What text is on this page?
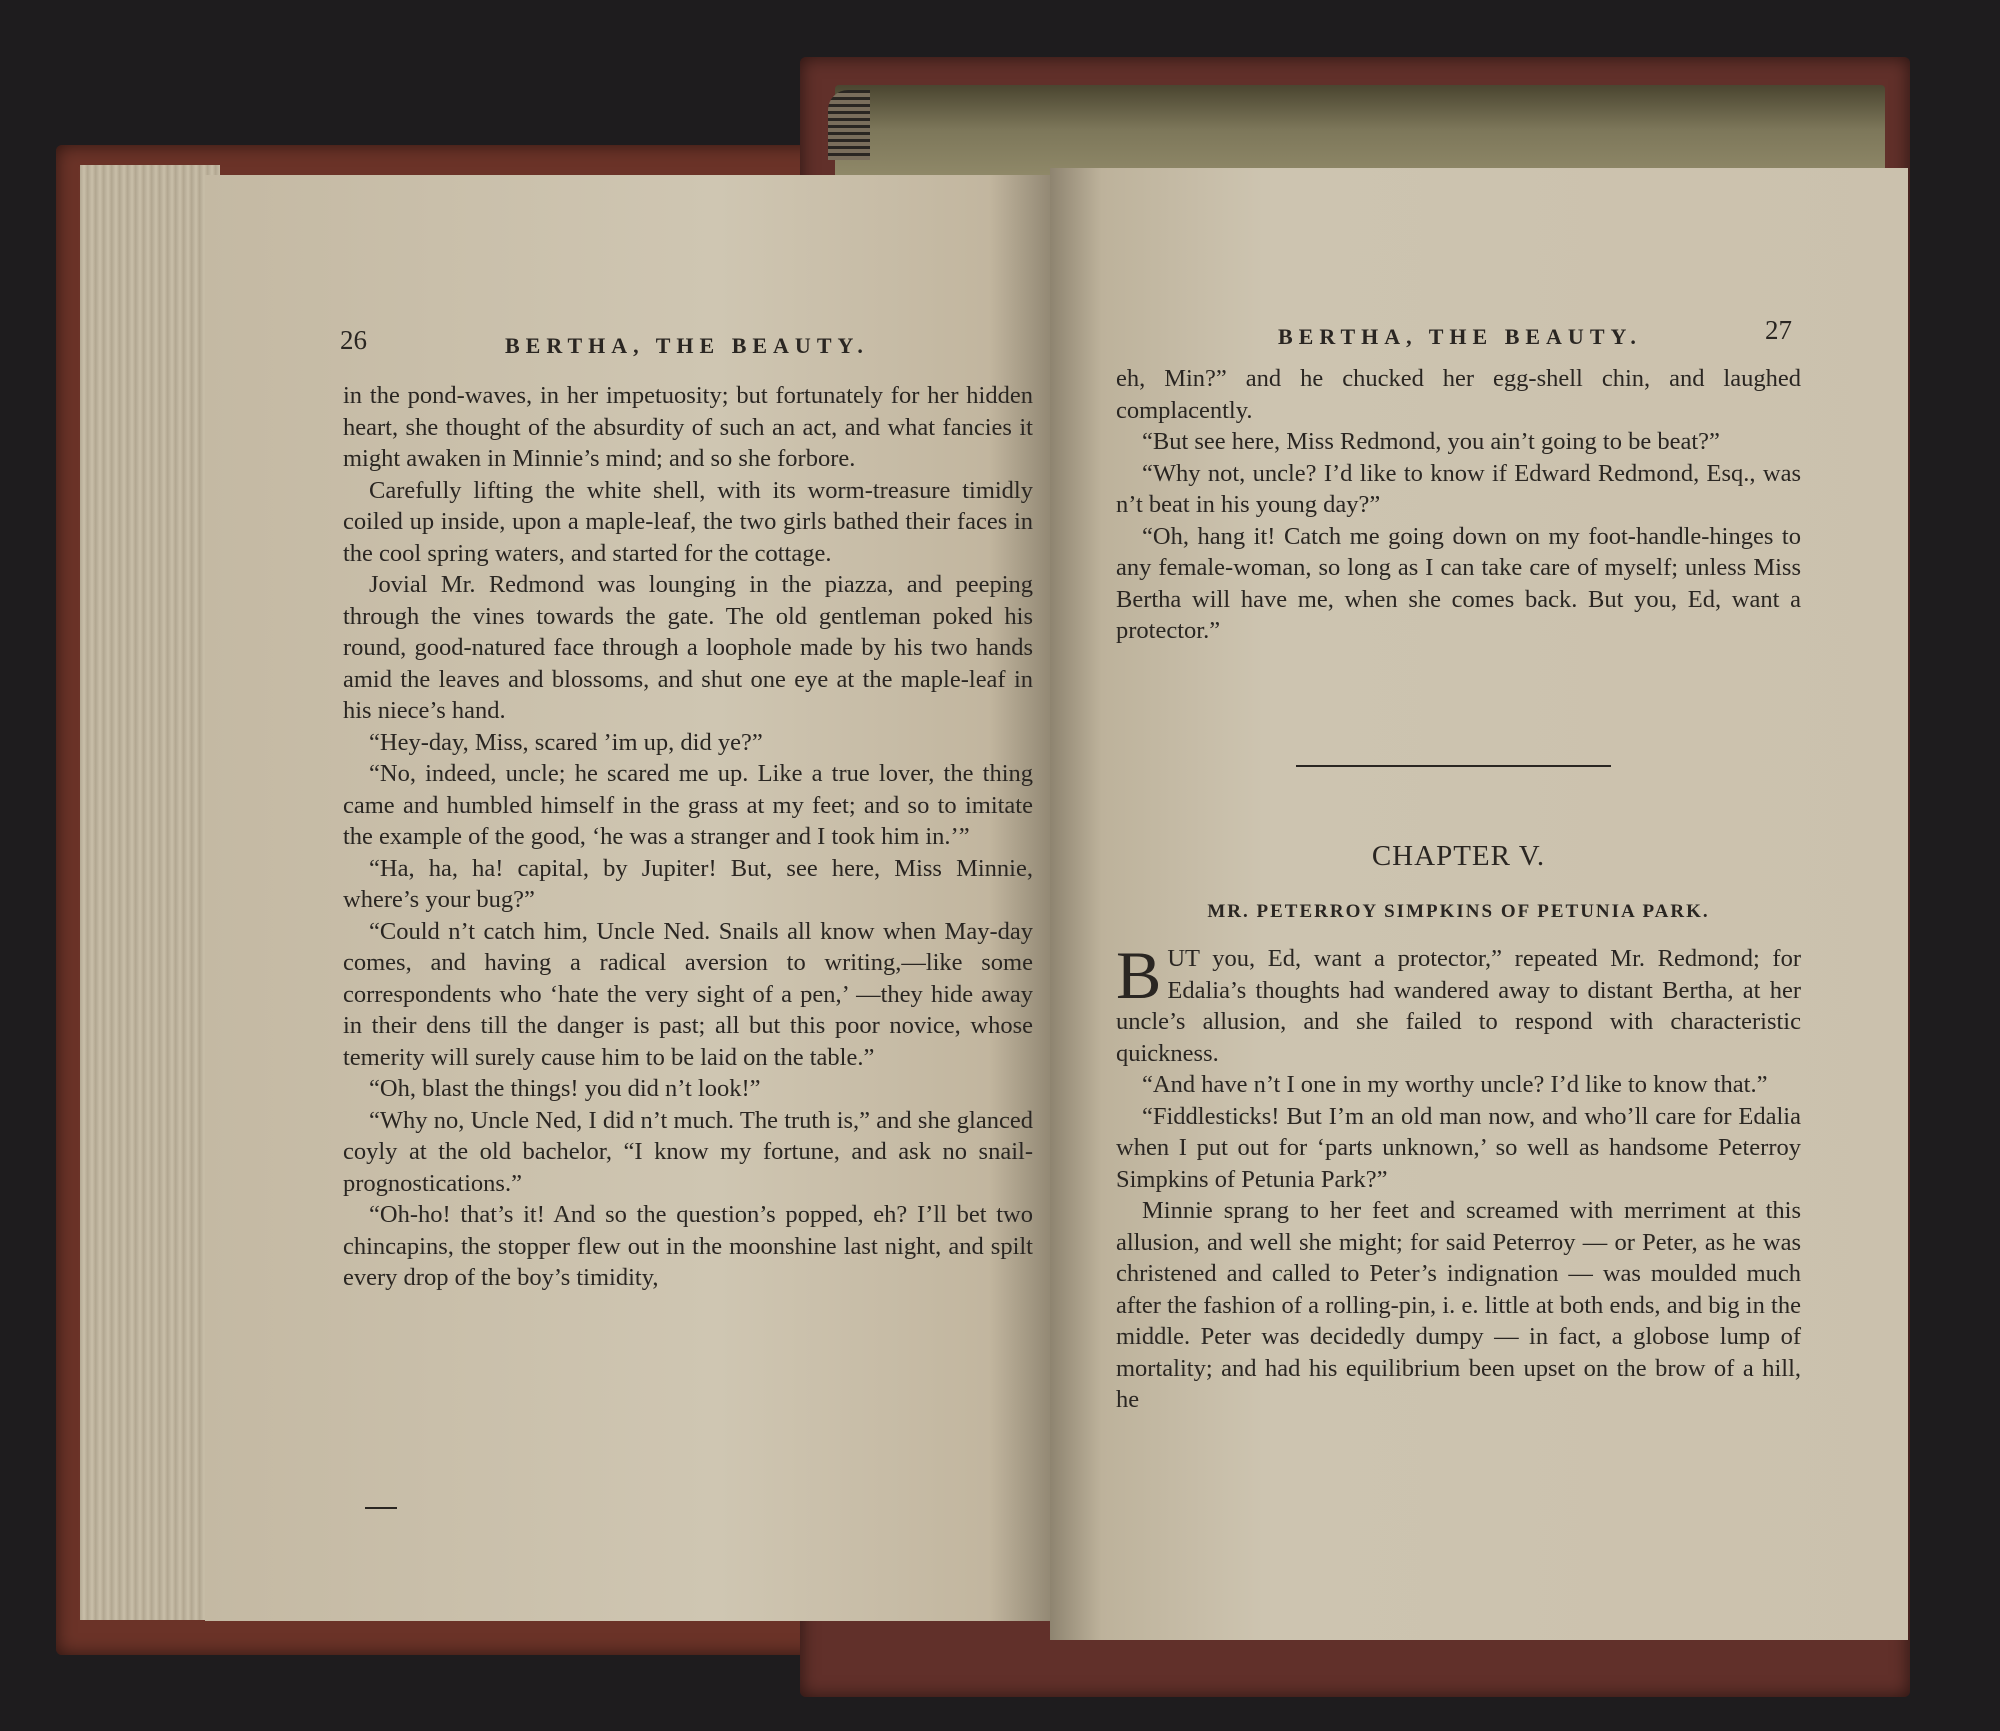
26	BERTHA, THE BEAUTY.

in the pond-waves, in her impetuosity; but fortunately for her hidden heart, she thought of the absurdity of such an act, and what fancies it might awaken in Minnie’s mind; and so she forbore.

Carefully lifting the white shell, with its worm-treasure timidly coiled up inside, upon a maple-leaf, the two girls bathed their faces in the cool spring waters, and started for the cottage.

Jovial Mr. Redmond was lounging in the piazza, and peeping through the vines towards the gate. The old gentleman poked his round, good-natured face through a loophole made by his two hands amid the leaves and blossoms, and shut one eye at the maple-leaf in his niece’s hand.

“Hey-day, Miss, scared ’im up, did ye?”

“No, indeed, uncle; he scared me up. Like a true lover, the thing came and humbled himself in the grass at my feet; and so to imitate the example of the good, ‘he was a stranger and I took him in.’”

“Ha, ha, ha! capital, by Jupiter! But, see here, Miss Minnie, where’s your bug?”

“Could n’t catch him, Uncle Ned. Snails all know when May-day comes, and having a radical aversion to writing,—like some correspondents who ‘hate the very sight of a pen,’ —they hide away in their dens till the danger is past; all but this poor novice, whose temerity will surely cause him to be laid on the table.”

“Oh, blast the things! you did n’t look!”

“Why no, Uncle Ned, I did n’t much. The truth is,” and she glanced coyly at the old bachelor, “I know my fortune, and ask no snail-prognostications.”

“Oh-ho! that’s it! And so the question’s popped, eh? I’ll bet two chincapins, the stopper flew out in the moonshine last night, and spilt every drop of the boy’s timidity,

BERTHA, THE BEAUTY.	27

eh, Min?” and he chucked her egg-shell chin, and laughed complacently.

“But see here, Miss Redmond, you ain’t going to be beat?”

“Why not, uncle? I’d like to know if Edward Redmond, Esq., was n’t beat in his young day?”

“Oh, hang it! Catch me going down on my foot-handle-hinges to any female-woman, so long as I can take care of myself; unless Miss Bertha will have me, when she comes back. But you, Ed, want a protector.”

CHAPTER V.
MR. PETERROY SIMPKINS OF PETUNIA PARK.

BUT you, Ed, want a protector,” repeated Mr. Redmond; for Edalia’s thoughts had wandered away to distant Bertha, at her uncle’s allusion, and she failed to respond with characteristic quickness.

“And have n’t I one in my worthy uncle? I’d like to know that.”

“Fiddlesticks! But I’m an old man now, and who’ll care for Edalia when I put out for ‘parts unknown,’ so well as handsome Peterroy Simpkins of Petunia Park?”

Minnie sprang to her feet and screamed with merriment at this allusion, and well she might; for said Peterroy — or Peter, as he was christened and called to Peter’s indignation — was moulded much after the fashion of a rolling-pin, i. e. little at both ends, and big in the middle. Peter was decidedly dumpy — in fact, a globose lump of mortality; and had his equilibrium been upset on the brow of a hill, he
